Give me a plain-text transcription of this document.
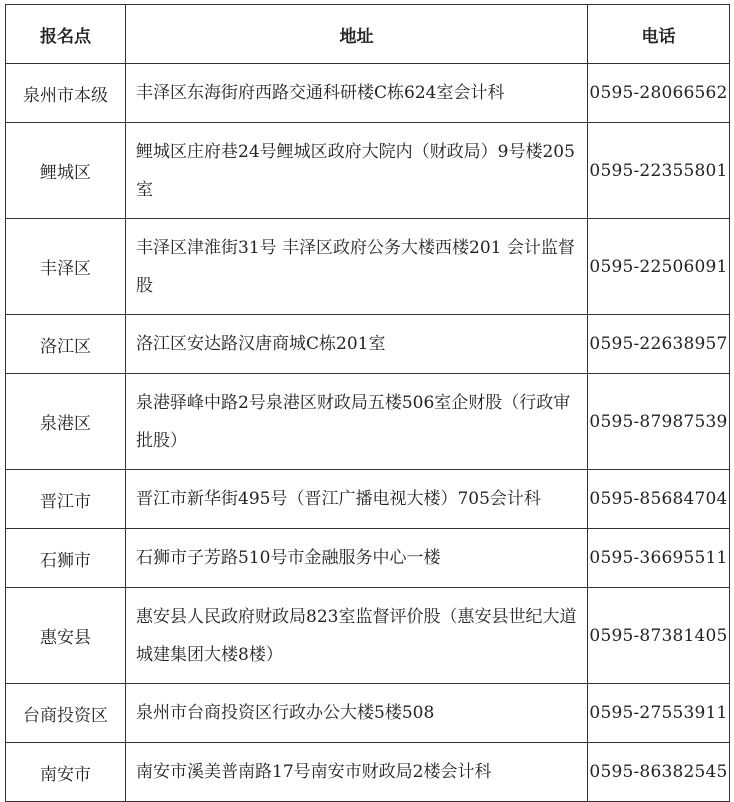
报名点	地址	电话
泉州市本级	丰泽区东海街府西路交通科研楼C栋624室会计科	0595-28066562
鲤城区	鲤城区庄府巷24号鲤城区政府大院内（财政局）9号楼205室	0595-22355801
丰泽区	丰泽区津淮街31号 丰泽区政府公务大楼西楼201 会计监督股	0595-22506091
洛江区	洛江区安达路汉唐商城C栋201室	0595-22638957
泉港区	泉港驿峰中路2号泉港区财政局五楼506室企财股（行政审批股）	0595-87987539
晋江市	晋江市新华街495号（晋江广播电视大楼）705会计科	0595-85684704
石狮市	石狮市子芳路510号市金融服务中心一楼	0595-36695511
惠安县	惠安县人民政府财政局823室监督评价股（惠安县世纪大道城建集团大楼8楼）	0595-87381405
台商投资区	泉州市台商投资区行政办公大楼5楼508	0595-27553911
南安市	南安市溪美普南路17号南安市财政局2楼会计科	0595-86382545
